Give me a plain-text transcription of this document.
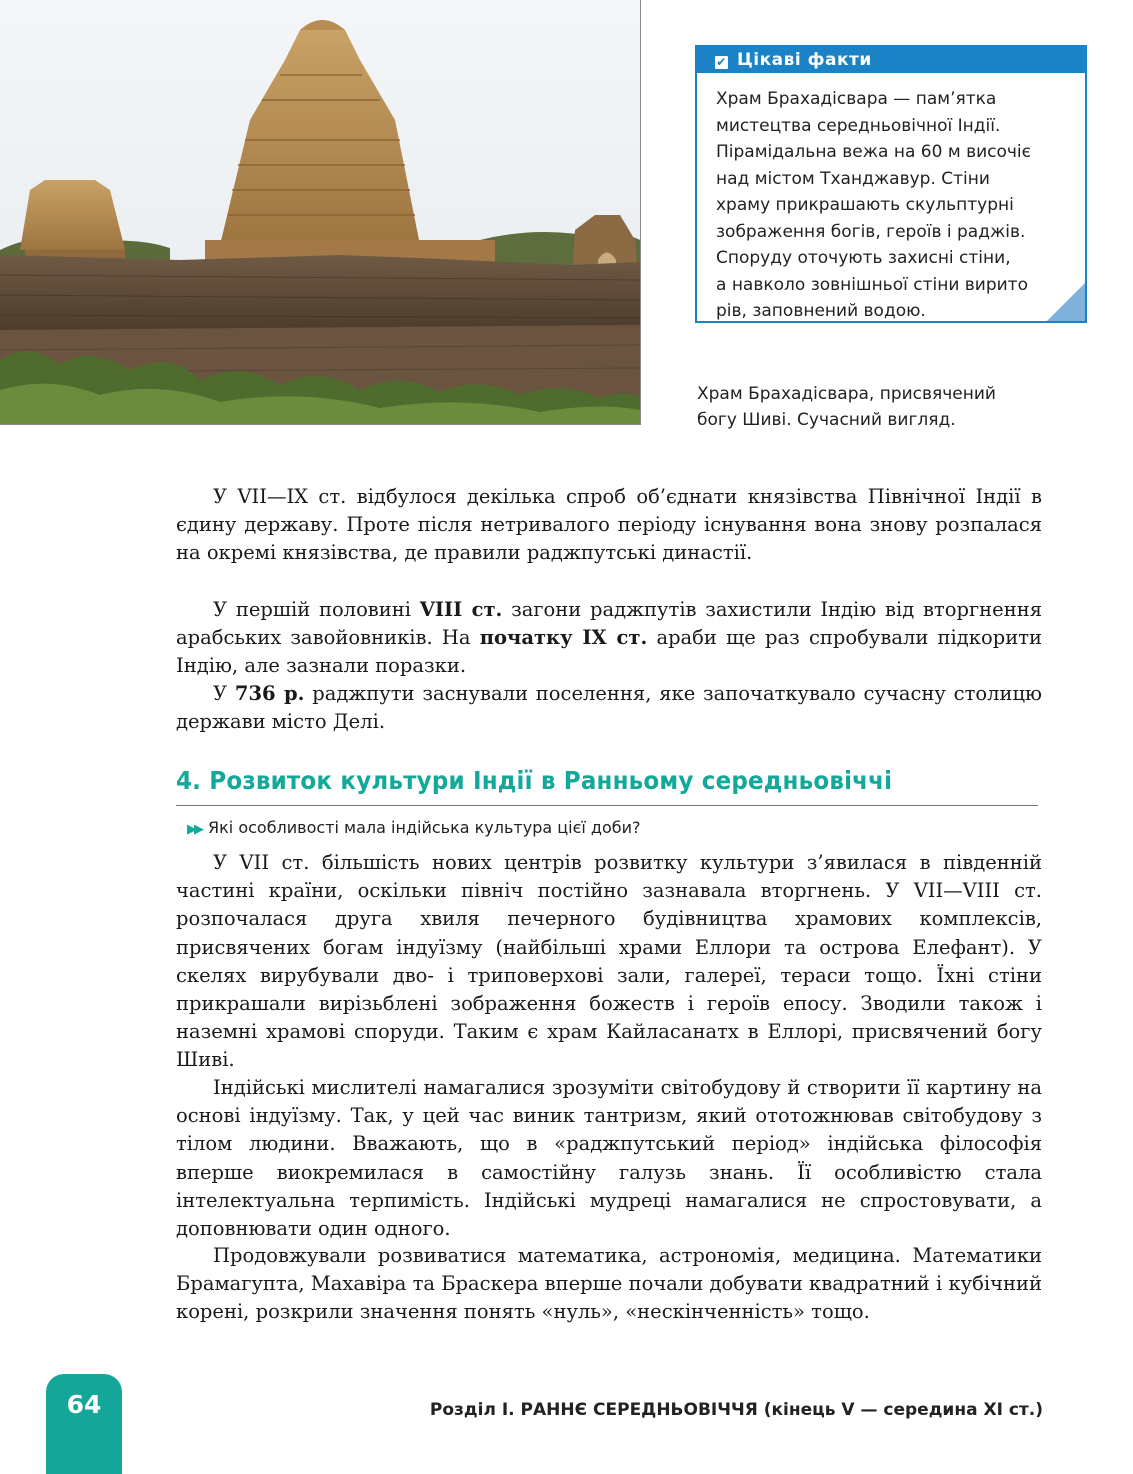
✔ Цікаві факти
Храм Брахадісвара — пам’ятка
мистецтва середньовічної Індії.
Пірамідальна вежа на 60 м височіє
над містом Тханджавур. Стіни
храму прикрашають скульптурні
зображення богів, героїв і раджів.
Споруду оточують захисні стіни,
а навколо зовнішньої стіни вирито
рів, заповнений водою.
Храм Брахадісвара, присвячений
богу Шиві. Сучасний вигляд.

У VII—IX ст. відбулося декілька спроб об’єднати князівства Північної Індії в єдину державу. Проте після нетривалого періоду існування вона знову розпалася на окремі князівства, де правили раджпутські династії.

У першій половині VIII ст. загони раджпутів захистили Індію від вторгнення арабських завойовників. На початку IX ст. араби ще раз спробували підкорити Індію, але зазнали поразки.

У 736 р. раджпути заснували поселення, яке започаткувало сучасну столицю держави місто Делі.

4. Розвиток культури Індії в Ранньому середньовіччі
▶▶ Які особливості мала індійська культура цієї доби?

У VII ст. більшість нових центрів розвитку культури з’явилася в південній частині країни, оскільки північ постійно зазнавала вторгнень. У VII—VIII ст. розпочалася друга хвиля печерного будівництва храмових комплексів, присвячених богам індуїзму (найбільші храми Еллори та острова Елефант). У скелях вирубували дво- і триповерхові зали, галереї, тераси тощо. Їхні стіни прикрашали вирізьблені зображення божеств і героїв епосу. Зводили також і наземні храмові споруди. Таким є храм Кайласанатх в Еллорі, присвячений богу Шиві.

Індійські мислителі намагалися зрозуміти світобудову й створити її картину на основі індуїзму. Так, у цей час виник тантризм, який ототожнював світобудову з тілом людини. Вважають, що в «раджпутський період» індійська філософія вперше виокремилася в самостійну галузь знань. Її особливістю стала інтелектуальна терпимість. Індійські мудреці намагалися не спростовувати, а доповнювати один одного.

Продовжували розвиватися математика, астрономія, медицина. Математики Брамагупта, Махавіра та Браскера вперше почали добувати квадратний і кубічний корені, розкрили значення понять «нуль», «нескінченність» тощо.

64	Розділ І. РАННЄ СЕРЕДНЬОВІЧЧЯ (кінець V — середина XI ст.)
